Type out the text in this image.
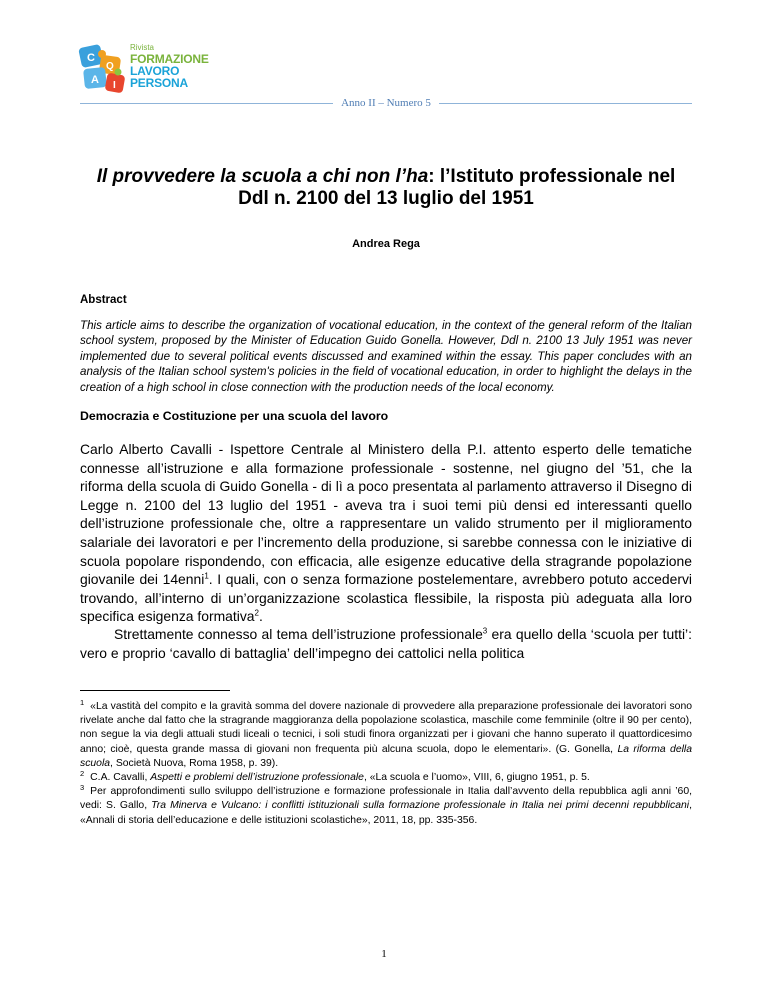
C
Q
A I
Rivista
FORMAZIONE
LAVORO
PERSONA
Anno II – Numero 5
Il provvedere la scuola a chi non l’ha: l’Istituto professionale nel Ddl n. 2100 del 13 luglio del 1951
Andrea Rega
Abstract

This article aims to describe the organization of vocational education, in the context of the general reform of the Italian school system, proposed by the Minister of Education Guido Gonella. However, Ddl n. 2100 13 July 1951 was never implemented due to several political events discussed and examined within the essay. This paper concludes with an analysis of the Italian school system's policies in the field of vocational education, in order to highlight the delays in the creation of a high school in close connection with the production needs of the local economy.

Democrazia e Costituzione per una scuola del lavoro

Carlo Alberto Cavalli - Ispettore Centrale al Ministero della P.I. attento esperto delle tematiche connesse all’istruzione e alla formazione professionale - sostenne, nel giugno del ’51, che la riforma della scuola di Guido Gonella - di lì a poco presentata al parlamento attraverso il Disegno di Legge n. 2100 del 13 luglio del 1951 - aveva tra i suoi temi più densi ed interessanti quello dell’istruzione professionale che, oltre a rappresentare un valido strumento per il miglioramento salariale dei lavoratori e per l’incremento della produzione, si sarebbe connessa con le iniziative di scuola popolare rispondendo, con efficacia, alle esigenze educative della stragrande popolazione giovanile dei 14enni$^1$. I quali, con o senza formazione postelementare, avrebbero potuto accedervi trovando, all’interno di un’organizzazione scolastica flessibile, la risposta più adeguata alla loro specifica esigenza formativa$^2$.

Strettamente connesso al tema dell’istruzione professionale$^3$ era quello della ‘scuola per tutti’: vero e proprio ‘cavallo di battaglia’ dell’impegno dei cattolici nella politica

$^1$ «La vastità del compito e la gravità somma del dovere nazionale di provvedere alla preparazione professionale dei lavoratori sono rivelate anche dal fatto che la stragrande maggioranza della popolazione scolastica, maschile come femminile (oltre il 90 per cento), non segue la via degli attuali studi liceali o tecnici, i soli studi finora organizzati per i giovani che hanno superato il quattordicesimo anno; cioè, questa grande massa di giovani non frequenta più alcuna scuola, dopo le elementari». (G. Gonella, La riforma della scuola, Società Nuova, Roma 1958, p. 39).

$^2$ C.A. Cavalli, Aspetti e problemi dell’istruzione professionale, «La scuola e l’uomo», VIII, 6, giugno 1951, p. 5.

$^3$ Per approfondimenti sullo sviluppo dell’istruzione e formazione professionale in Italia dall’avvento della repubblica agli anni ’60, vedi: S. Gallo, Tra Minerva e Vulcano: i conflitti istituzionali sulla formazione professionale in Italia nei primi decenni repubblicani, «Annali di storia dell’educazione e delle istituzioni scolastiche», 2011, 18, pp. 335-356.

1
